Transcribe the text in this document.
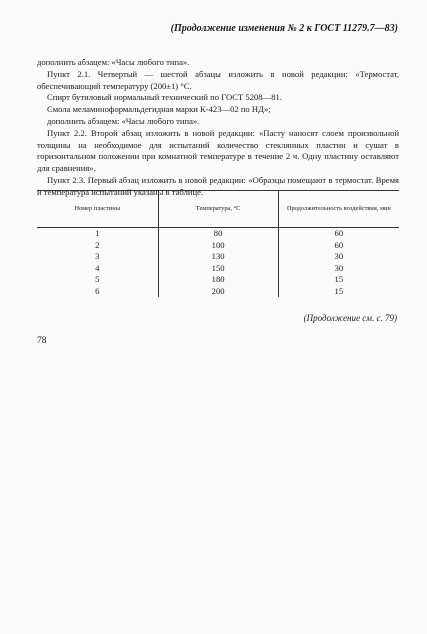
(Продолжение изменения № 2 к ГОСТ 11279.7—83)

дополнить абзацем: «Часы любого типа».

Пункт 2.1. Четвертый — шестой абзацы изложить в новой редакции: «Термостат, обеспечивающий температуру (200±1) °С.

Спирт бутиловый нормальный технический по ГОСТ 5208—81.

Смола меламиноформальдегидная марки К-423—02 по НД»;

дополнить абзацем: «Часы любого типа».

Пункт 2.2. Второй абзац изложить в новой редакции: «Пасту наносят слоем произвольной толщины на необходимое для испытаний количество стеклянных пластин и сушат в горизонтальном положении при комнатной температуре в течение 2 ч. Одну пластину оставляют для сравнения».

Пункт 2.3. Первый абзац изложить в новой редакции: «Образцы помещают в термостат. Время и температура испытаний указаны в таблице.

Номер пластины	Температура, °С	Продолжительность воздействия, мин
1	80	60
2	100	60
3	130	30
4	150	30
5	180	15
6	200	15
(Продолжение см. с. 79)
78
